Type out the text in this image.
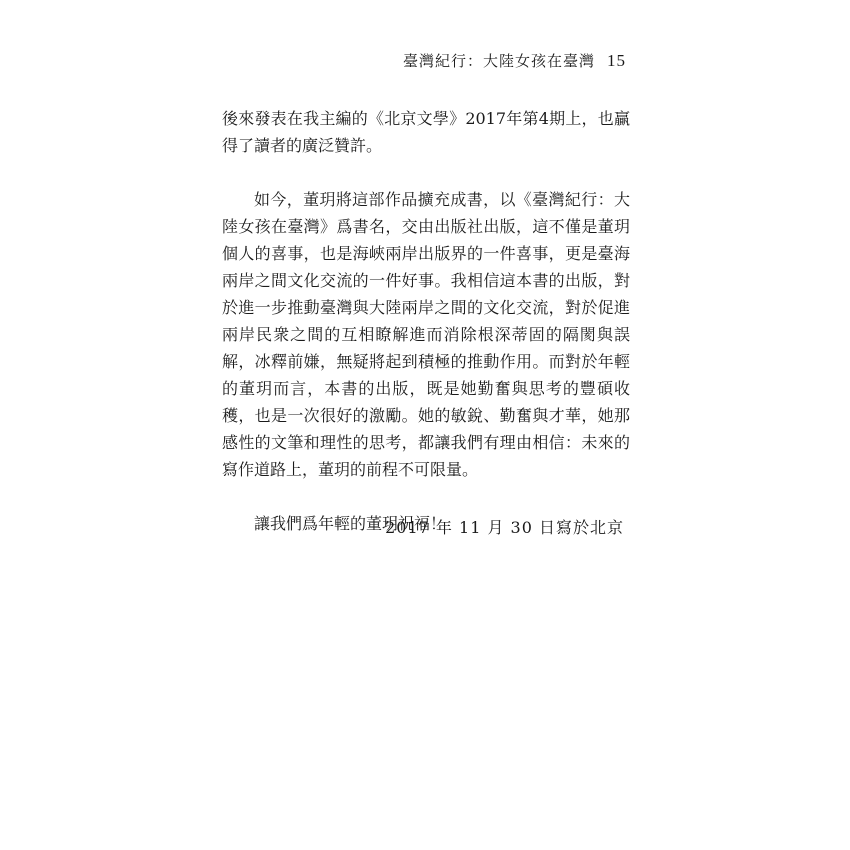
臺灣紀行：大陸女孩在臺灣 15

後來發表在我主編的《北京文學》2017年第4期上，也贏得了讀者的廣泛贊許。

如今，董玥將這部作品擴充成書，以《臺灣紀行：大陸女孩在臺灣》爲書名，交由出版社出版，這不僅是董玥個人的喜事，也是海峽兩岸出版界的一件喜事，更是臺海兩岸之間文化交流的一件好事。我相信這本書的出版，對於進一步推動臺灣與大陸兩岸之間的文化交流，對於促進兩岸民衆之間的互相瞭解進而消除根深蒂固的隔閡與誤解，冰釋前嫌，無疑將起到積極的推動作用。而對於年輕的董玥而言，本書的出版，既是她勤奮與思考的豐碩收穫，也是一次很好的激勵。她的敏銳、勤奮與才華，她那感性的文筆和理性的思考，都讓我們有理由相信：未來的寫作道路上，董玥的前程不可限量。

讓我們爲年輕的董玥祝福！

2017 年 11 月 30 日寫於北京
